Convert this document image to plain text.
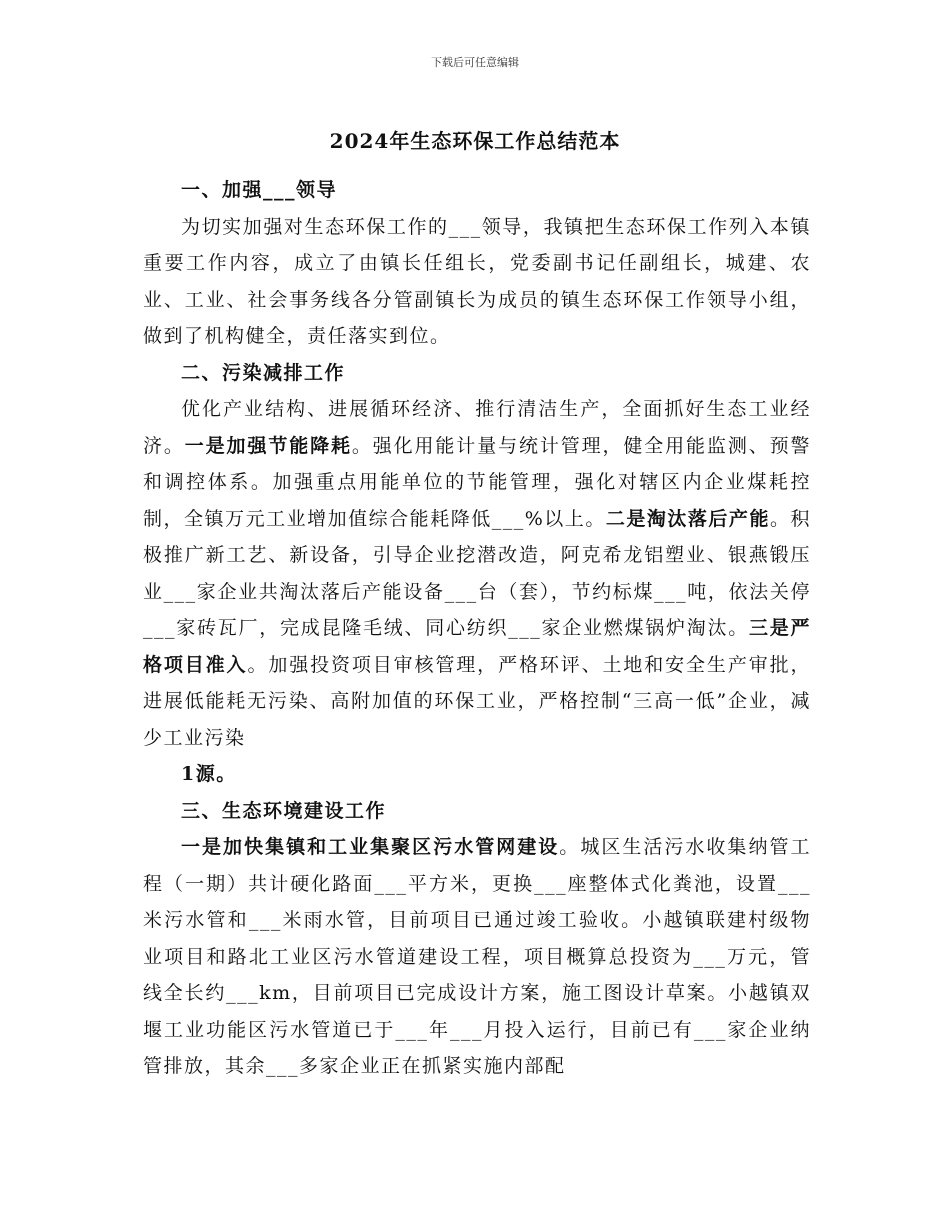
下载后可任意编辑
2024年生态环保工作总结范本

一、加强___领导

为切实加强对生态环保工作的___领导，我镇把生态环保工作列入本镇重要工作内容，成立了由镇长任组长，党委副书记任副组长，城建、农业、工业、社会事务线各分管副镇长为成员的镇生态环保工作领导小组，做到了机构健全，责任落实到位。

二、污染减排工作

优化产业结构、进展循环经济、推行清洁生产，全面抓好生态工业经济。一是加强节能降耗。强化用能计量与统计管理，健全用能监测、预警和调控体系。加强重点用能单位的节能管理，强化对辖区内企业煤耗控制，全镇万元工业增加值综合能耗降低___%以上。二是淘汰落后产能。积极推广新工艺、新设备，引导企业挖潜改造，阿克希龙铝塑业、银燕锻压业___家企业共淘汰落后产能设备___台（套），节约标煤___吨，依法关停___家砖瓦厂，完成昆隆毛绒、同心纺织___家企业燃煤锅炉淘汰。三是严格项目准入。加强投资项目审核管理，严格环评、土地和安全生产审批，进展低能耗无污染、高附加值的环保工业，严格控制“三高一低”企业，减少工业污染

1源。

三、生态环境建设工作

一是加快集镇和工业集聚区污水管网建设。城区生活污水收集纳管工程（一期）共计硬化路面___平方米，更换___座整体式化粪池，设置___米污水管和___米雨水管，目前项目已通过竣工验收。小越镇联建村级物业项目和路北工业区污水管道建设工程，项目概算总投资为___万元，管线全长约___km，目前项目已完成设计方案，施工图设计草案。小越镇双堰工业功能区污水管道已于___年___月投入运行，目前已有___家企业纳管排放，其余___多家企业正在抓紧实施内部配
